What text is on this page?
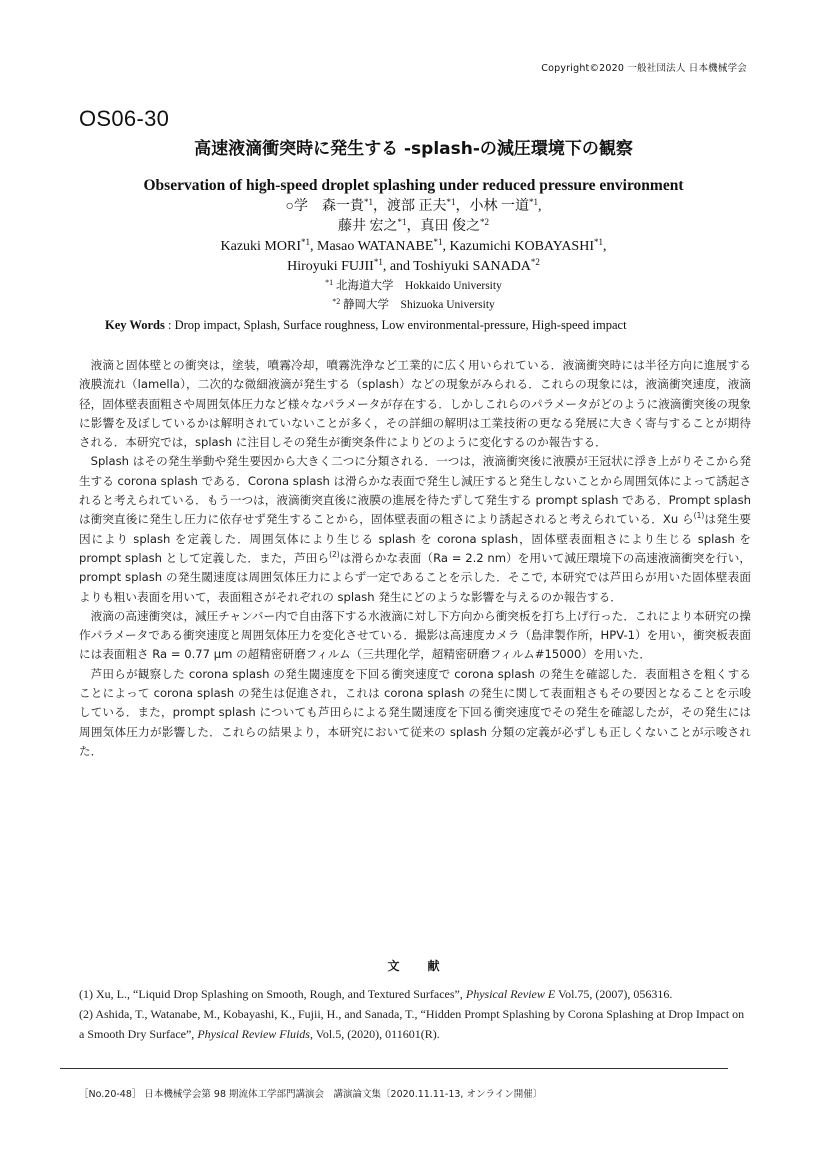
Copyright©2020 一般社団法人 日本機械学会
OS06-30
高速液滴衝突時に発生する -splash-の減圧環境下の観察
Observation of high-speed droplet splashing under reduced pressure environment
○学　森一貴$^{*1}$，渡部 正夫$^{*1}$，小林 一道$^{*1}$,
藤井 宏之$^{*1}$，真田 俊之$^{*2}$
Kazuki MORI$^{*1}$, Masao WATANABE$^{*1}$, Kazumichi KOBAYASHI$^{*1}$,
Hiroyuki FUJII$^{*1}$, and Toshiyuki SANADA$^{*2}$
$^{*1}$ 北海道大学　Hokkaido University
$^{*2}$ 静岡大学　Shizuoka University
Key Words : Drop impact, Splash, Surface roughness, Low environmental-pressure, High-speed impact

液滴と固体壁との衝突は，塗装，噴霧冷却，噴霧洗浄など工業的に広く用いられている．液滴衝突時には半径方向に進展する液膜流れ（lamella），二次的な微細液滴が発生する（splash）などの現象がみられる．これらの現象には，液滴衝突速度，液滴径，固体壁表面粗さや周囲気体圧力など様々なパラメータが存在する．しかしこれらのパラメータがどのように液滴衝突後の現象に影響を及ぼしているかは解明されていないことが多く，その詳細の解明は工業技術の更なる発展に大きく寄与することが期待される．本研究では，splash に注目しその発生が衝突条件によりどのように変化するのか報告する．

Splash はその発生挙動や発生要因から大きく二つに分類される．一つは，液滴衝突後に液膜が王冠状に浮き上がりそこから発生する corona splash である．Corona splash は滑らかな表面で発生し減圧すると発生しないことから周囲気体によって誘起されると考えられている．もう一つは，液滴衝突直後に液膜の進展を待たずして発生する prompt splash である．Prompt splash は衝突直後に発生し圧力に依存せず発生することから，固体壁表面の粗さにより誘起されると考えられている．Xu ら$^{(1)}$は発生要因により splash を定義した．周囲気体により生じる splash を corona splash，固体壁表面粗さにより生じる splash を prompt splash として定義した．また，芦田ら$^{(2)}$は滑らかな表面（Ra = 2.2 nm）を用いて減圧環境下の高速液滴衝突を行い，prompt splash の発生閾速度は周囲気体圧力によらず一定であることを示した．そこで, 本研究では芦田らが用いた固体壁表面よりも粗い表面を用いて，表面粗さがそれぞれの splash 発生にどのような影響を与えるのか報告する．

液滴の高速衝突は，減圧チャンバー内で自由落下する水液滴に対し下方向から衝突板を打ち上げ行った．これにより本研究の操作パラメータである衝突速度と周囲気体圧力を変化させている．撮影は高速度カメラ（島津製作所，HPV-1）を用い，衝突板表面には表面粗さ Ra = 0.77 μm の超精密研磨フィルム（三共理化学，超精密研磨フィルム#15000）を用いた．

芦田らが観察した corona splash の発生閾速度を下回る衝突速度で corona splash の発生を確認した．表面粗さを粗くすることによって corona splash の発生は促進され，これは corona splash の発生に関して表面粗さもその要因となることを示唆している．また，prompt splash についても芦田らによる発生閾速度を下回る衝突速度でその発生を確認したが，その発生には周囲気体圧力が影響した．これらの結果より，本研究において従来の splash 分類の定義が必ずしも正しくないことが示唆された．

文献
(1) Xu, L., “Liquid Drop Splashing on Smooth, Rough, and Textured Surfaces”, Physical Review E Vol.75, (2007), 056316.
(2) Ashida, T., Watanabe, M., Kobayashi, K., Fujii, H., and Sanada, T., “Hidden Prompt Splashing by Corona Splashing at Drop Impact on a Smooth Dry Surface”, Physical Review Fluids, Vol.5, (2020), 011601(R).
［No.20-48］ 日本機械学会第 98 期流体工学部門講演会　講演論文集〔2020.11.11-13, オンライン開催〕
